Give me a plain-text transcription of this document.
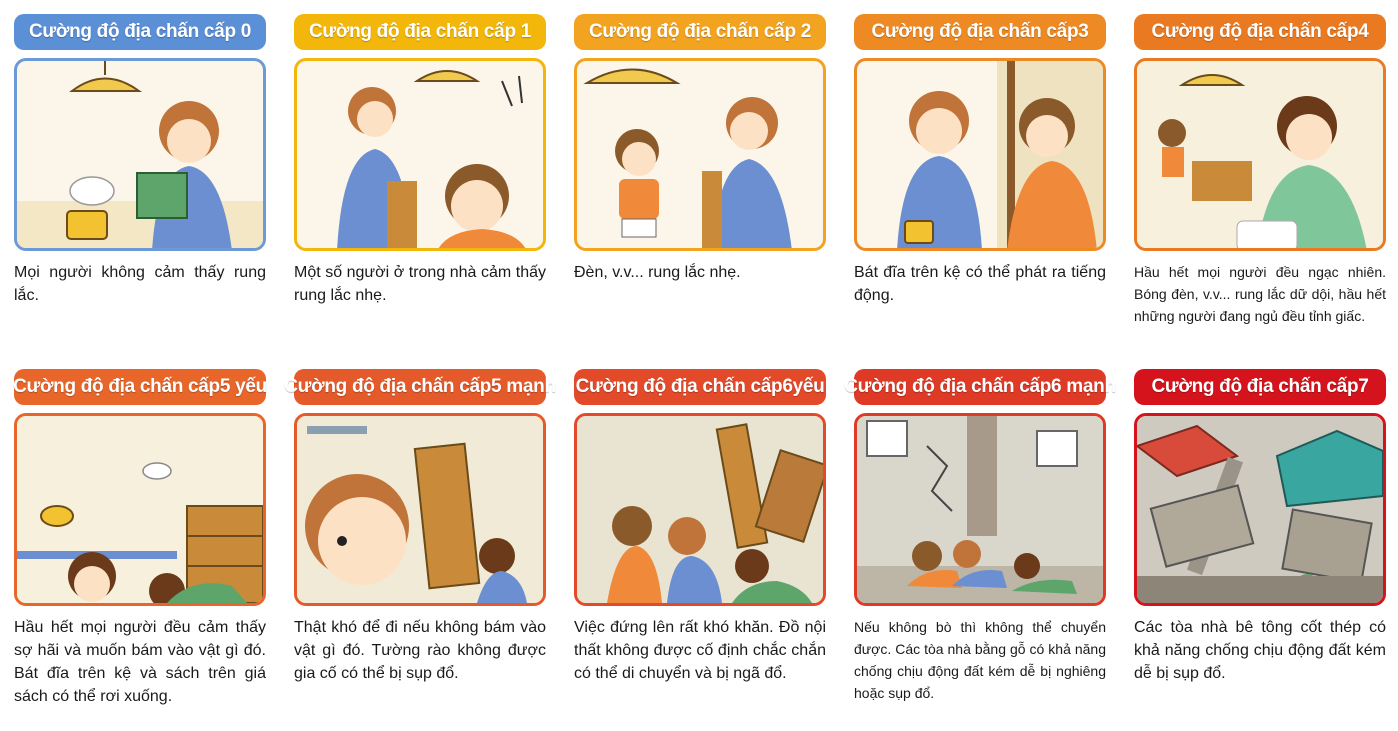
Cường độ địa chấn cấp 0
Mọi người không cảm thấy rung lắc.
Cường độ địa chấn cấp 1
Một số người ở trong nhà cảm thấy rung lắc nhẹ.
Cường độ địa chấn cấp 2
Đèn, v.v... rung lắc nhẹ.
Cường độ địa chấn cấp3
Bát đĩa trên kệ có thể phát ra tiếng động.
Cường độ địa chấn cấp4
Hầu hết mọi người đều ngạc nhiên. Bóng đèn, v.v... rung lắc dữ dội, hầu hết những người đang ngủ đều tỉnh giấc.
Cường độ địa chấn cấp5 yếu
Hầu hết mọi người đều cảm thấy sợ hãi và muốn bám vào vật gì đó. Bát đĩa trên kệ và sách trên giá sách có thể rơi xuống.
Cường độ địa chấn cấp5 mạnh
Thật khó để đi nếu không bám vào vật gì đó. Tường rào không được gia cố có thể bị sụp đổ.
Cường độ địa chấn cấp6yếu
Việc đứng lên rất khó khăn. Đồ nội thất không được cố định chắc chắn có thể di chuyển và bị ngã đổ.
Cường độ địa chấn cấp6 mạnh
Nếu không bò thì không thể chuyển được. Các tòa nhà bằng gỗ có khả năng chống chịu động đất kém dễ bị nghiêng hoặc sụp đổ.
Cường độ địa chấn cấp7
Các tòa nhà bê tông cốt thép có khả năng chống chịu động đất kém dễ bị sụp đổ.
